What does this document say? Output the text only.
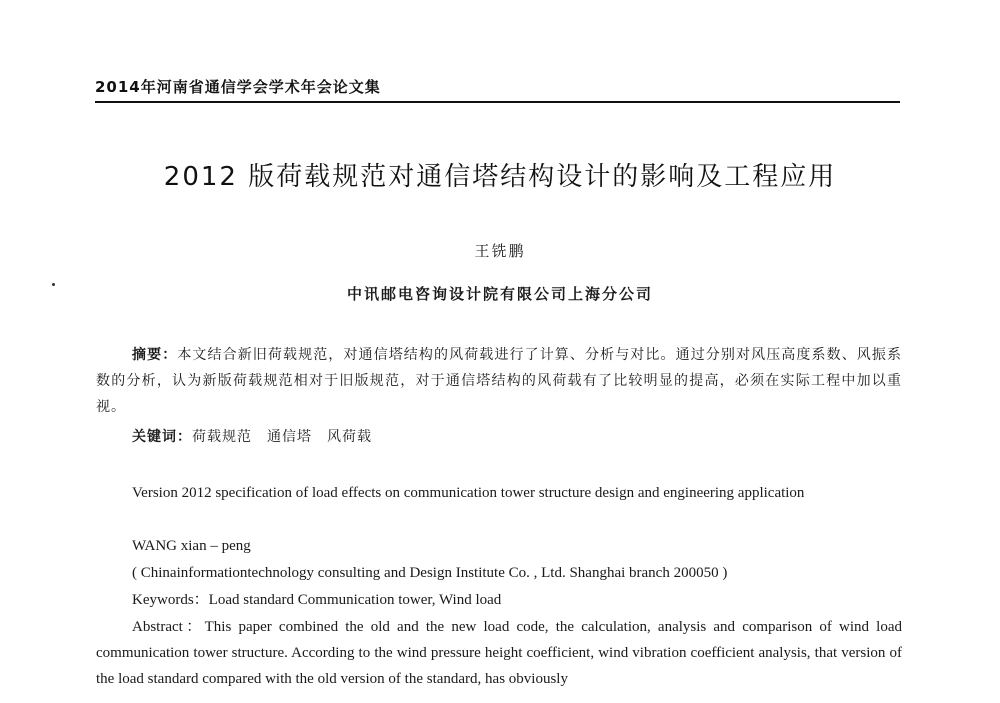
2014年河南省通信学会学术年会论文集
2012 版荷载规范对通信塔结构设计的影响及工程应用
王铣鹏
中讯邮电咨询设计院有限公司上海分公司
摘要：本文结合新旧荷载规范，对通信塔结构的风荷载进行了计算、分析与对比。通过分别对风压高度系数、风振系数的分析，认为新版荷载规范相对于旧版规范，对于通信塔结构的风荷载有了比较明显的提高，必须在实际工程中加以重视。
关键词：荷载规范　通信塔　风荷载
Version 2012 specification of load effects on communication tower structure design and engineering application
WANG xian – peng
( Chinainformationtechnology consulting and Design Institute Co. , Ltd. Shanghai branch 200050 )
Keywords：Load standard Communication tower, Wind load
Abstract：This paper combined the old and the new load code, the calculation, analysis and comparison of wind load communication tower structure. According to the wind pressure height coefficient, wind vibration coefficient analysis, that version of the load standard compared with the old version of the standard, has obviously
